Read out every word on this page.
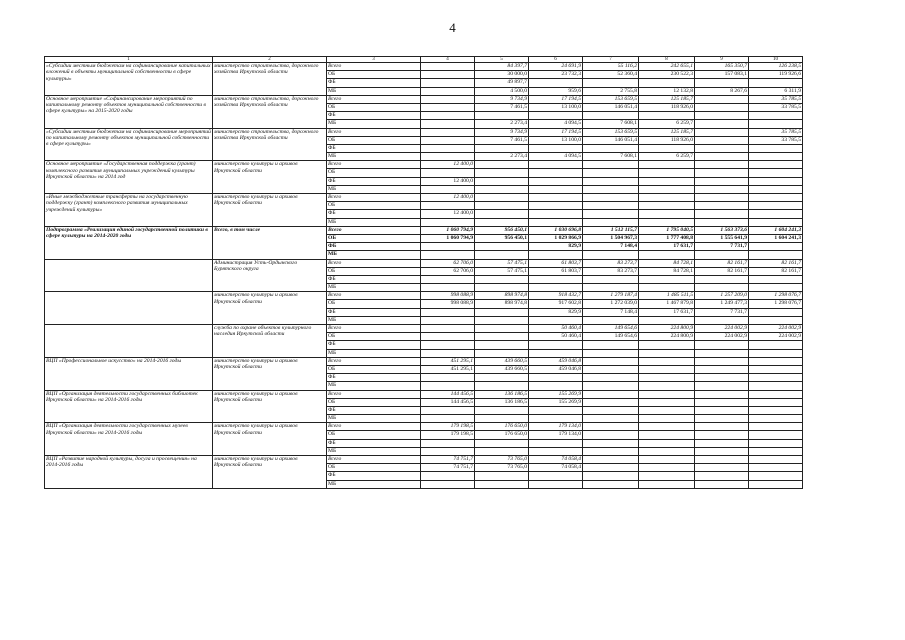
4
1	2	3	4	5	6	7	8	9	10
«Субсидии местным бюджетам на софинансирование капитальных вложений в объекты муниципальной собственности в сфере культуры»	министерство строительства, дорожного хозяйства Иркутской области	Всего		84 397,7	24 691,9	55 116,2	242 655,1	165 350,7	126 238,5
		ОБ		30 000,0	23 732,3	52 360,4	230 522,3	157 083,1	119 926,6
		ФБ		49 897,7					
		МБ		4 500,0	959,6	2 755,8	12 132,8	8 267,6	6 311,9
Основное мероприятие «Софинансирование мероприятий по капитальному ремонту объектов муниципальной собственности в сфере культуры» на 2015-2020 годы	министерство строительства, дорожного хозяйства Иркутской области	Всего		9 734,9	17 194,5	153 659,5	125 185,7		35 785,5
		ОБ		7 461,5	13 100,0	146 051,4	118 926,0		33 785,5
		ФБ							
		МБ		2 273,4	4 094,5	7 608,1	6 259,7		
«Субсидии местным бюджетам на софинансирование мероприятий по капитальному ремонту объектов муниципальной собственности в сфере культуры»	министерство строительства, дорожного хозяйства Иркутской области	Всего		9 734,9	17 194,5	153 659,5	125 185,7		35 785,5
		ОБ		7 461,5	13 100,0	146 051,4	118 926,0		33 785,5
		ФБ							
		МБ		2 273,4	4 094,5	7 608,1	6 259,7		
Основное мероприятие «Государственная поддержка (грант) комплексного развития муниципальных учреждений культуры Иркутской области» на 2014 год	министерство культуры и архивов Иркутской области	Всего	12 400,0						
		ОБ							
		ФБ	12 400,0						
		МБ							
«Иные межбюджетные трансферты на государственную поддержку (грант) комплексного развития муниципальных учреждений культуры»	министерство культуры и архивов Иркутской области	Всего	12 400,0						
		ОБ							
		ФБ	12 400,0						
		МБ							
Подпрограмма «Реализация единой государственной политики в сфере культуры на 2014-2020 годы	Всего, в том числе	Всего	1 060 794,9	956 450,1	1 030 696,8	1 512 115,7	1 795 040,5	1 563 373,6	1 604 241,3
		ОБ	1 060 794,9	956 450,1	1 029 866,9	1 504 967,3	1 777 408,8	1 555 641,9	1 604 241,3
		ФБ			829,9	7 148,4	17 631,7	7 731,7	
		МБ							
	Администрация Усть-Ордынского Бурятского округа	Всего	62 706,0	57 475,1	61 803,7	83 273,7	84 728,1	82 161,7	82 161,7
		ОБ	62 706,0	57 475,1	61 803,7	83 273,7	84 728,1	82 161,7	82 161,7
		ФБ							
		МБ							
	министерство культуры и архивов Иркутской области	Всего	998 088,9	898 974,8	918 432,7	1 279 187,4	1 485 511,5	1 257 209,0	1 298 076,7
		ОБ	998 088,9	898 974,8	917 602,8	1 272 039,0	1 467 879,8	1 249 477,3	1 298 076,7
		ФБ			829,9	7 148,4	17 631,7	7 731,7	
		МБ							
	служба по охране объектов культурного наследия Иркутской области	Всего			50 460,4	149 654,6	224 800,9	224 002,9	224 002,9
		ОБ			50 460,4	149 654,6	224 800,9	224 002,9	224 002,9
		ФБ							
		МБ							
ВЦП «Профессиональное искусство» на 2014-2016 годы	министерство культуры и архивов Иркутской области	Всего	451 295,1	439 660,5	459 046,8				
		ОБ	451 295,1	439 660,5	459 046,8				
		ФБ							
		МБ							
ВЦП «Организация деятельности государственных библиотек Иркутской области» на 2014-2016 годы	министерство культуры и архивов Иркутской области	Всего	144 456,5	136 186,5	155 269,9				
		ОБ	144 456,5	136 186,5	155 269,9				
		ФБ							
		МБ							
ВЦП «Организация деятельности государственных музеев Иркутской области» на 2014-2016 годы	министерство культуры и архивов Иркутской области	Всего	179 198,5	176 650,0	179 134,0				
		ОБ	179 198,5	176 650,0	179 134,0				
		ФБ							
		МБ							
ВЦП «Развитие народной культуры, досуга и просвещения» на 2014-2016 годы	министерство культуры и архивов Иркутской области	Всего	74 751,7	73 765,0	74 058,4				
		ОБ	74 751,7	73 765,0	74 058,4				
		ФБ							
		МБ							
